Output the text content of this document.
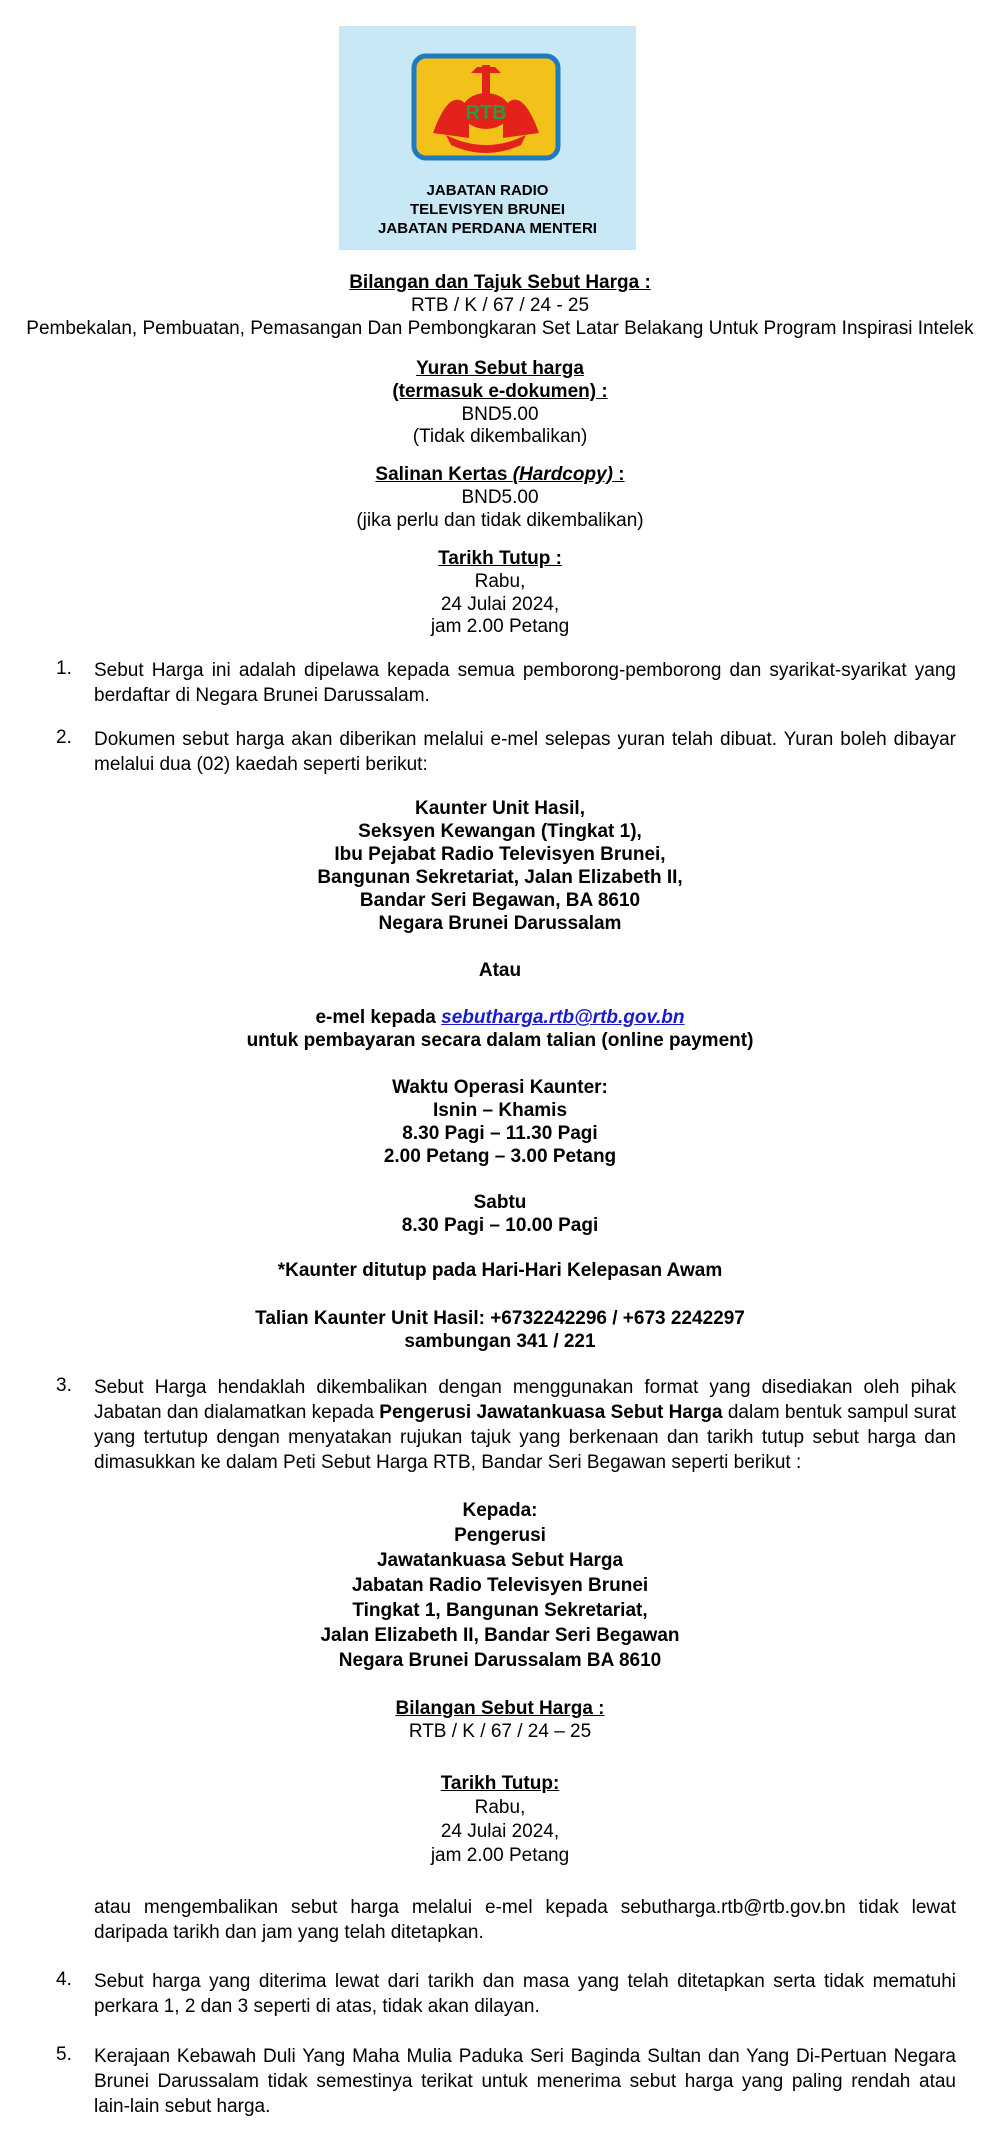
RTB
JABATAN RADIO
TELEVISYEN BRUNEI
JABATAN PERDANA MENTERI
Bilangan dan Tajuk Sebut Harga :
RTB / K / 67 / 24 - 25
Pembekalan, Pembuatan, Pemasangan Dan Pembongkaran Set Latar Belakang Untuk Program Inspirasi Intelek
Yuran Sebut harga
(termasuk e-dokumen) :
BND5.00
(Tidak dikembalikan)
Salinan Kertas (Hardcopy) :
BND5.00
(jika perlu dan tidak dikembalikan)
Tarikh Tutup :
Rabu,
24 Julai 2024,
jam 2.00 Petang
1.	Sebut Harga ini adalah dipelawa kepada semua pemborong-pemborong dan syarikat-syarikat yang berdaftar di Negara Brunei Darussalam.
2.	Dokumen sebut harga akan diberikan melalui e-mel selepas yuran telah dibuat. Yuran boleh dibayar melalui dua (02) kaedah seperti berikut:
Kaunter Unit Hasil,
Seksyen Kewangan (Tingkat 1),
Ibu Pejabat Radio Televisyen Brunei,
Bangunan Sekretariat, Jalan Elizabeth II,
Bandar Seri Begawan, BA 8610
Negara Brunei Darussalam
Atau
e-mel kepada sebutharga.rtb@rtb.gov.bn
untuk pembayaran secara dalam talian (online payment)
Waktu Operasi Kaunter:
Isnin – Khamis
8.30 Pagi – 11.30 Pagi
2.00 Petang – 3.00 Petang
Sabtu
8.30 Pagi – 10.00 Pagi
*Kaunter ditutup pada Hari-Hari Kelepasan Awam
Talian Kaunter Unit Hasil: +6732242296 / +673 2242297
sambungan 341 / 221
3.	Sebut Harga hendaklah dikembalikan dengan menggunakan format yang disediakan oleh pihak Jabatan dan dialamatkan kepada Pengerusi Jawatankuasa Sebut Harga dalam bentuk sampul surat yang tertutup dengan menyatakan rujukan tajuk yang berkenaan dan tarikh tutup sebut harga dan dimasukkan ke dalam Peti Sebut Harga RTB, Bandar Seri Begawan seperti berikut :
Kepada:
Pengerusi
Jawatankuasa Sebut Harga
Jabatan Radio Televisyen Brunei
Tingkat 1, Bangunan Sekretariat,
Jalan Elizabeth II, Bandar Seri Begawan
Negara Brunei Darussalam BA 8610
Bilangan Sebut Harga :
RTB / K / 67 / 24 – 25
Tarikh Tutup:
Rabu,
24 Julai 2024,
jam 2.00 Petang
atau mengembalikan sebut harga melalui e-mel kepada sebutharga.rtb@rtb.gov.bn tidak lewat daripada tarikh dan jam yang telah ditetapkan.
4.	Sebut harga yang diterima lewat dari tarikh dan masa yang telah ditetapkan serta tidak mematuhi perkara 1, 2 dan 3 seperti di atas, tidak akan dilayan.
5.	Kerajaan Kebawah Duli Yang Maha Mulia Paduka Seri Baginda Sultan dan Yang Di-Pertuan Negara Brunei Darussalam tidak semestinya terikat untuk menerima sebut harga yang paling rendah atau lain-lain sebut harga.
